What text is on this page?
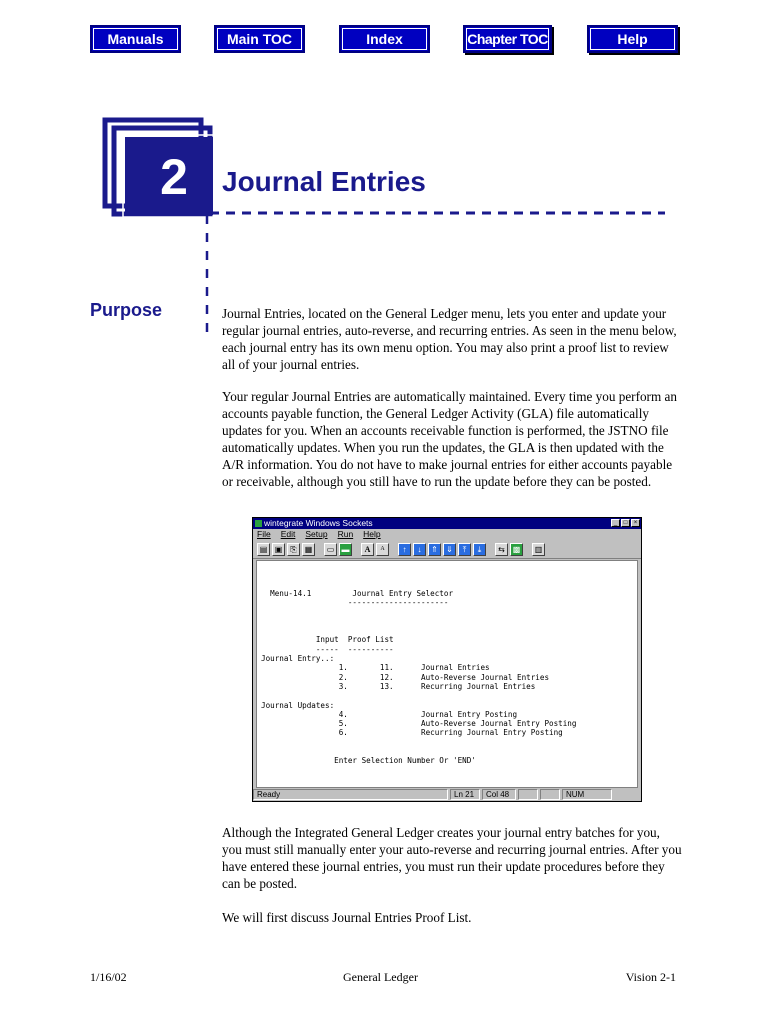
Manuals	Main TOC	Index	Chapter TOC	Help
2	Journal Entries
Purpose	Journal Entries, located on the General Ledger menu, lets you enter and update your regular journal entries, auto-reverse, and recurring entries. As seen in the menu below, each journal entry has its own menu option. You may also print a proof list to review all of your journal entries.

Your regular Journal Entries are automatically maintained. Every time you perform an accounts payable function, the General Ledger Activity (GLA) file automatically updates for you. When an accounts receivable function is performed, the JSTNO file automatically updates. When you run the updates, the GLA is then updated with the A/R information. You do not have to make journal entries for either accounts payable or receivable, although you still have to run the update before they can be posted.

wintegrate Windows Sockets	_	□	×
File Edit Setup Run Help
▤ ▣	⎘	▦	▭ ▬	A	A	↑	↓	⇑	⇓	⤒	⤓	⇆ ▩	▥
Menu-14.1         Journal Entry Selector
----------------------

Input  Proof List
-----  ----------
Journal Entry..:
1.       11.      Journal Entries
2.       12.      Auto-Reverse Journal Entries
3.       13.      Recurring Journal Entries

Journal Updates:
4.                Journal Entry Posting
5.                Auto-Reverse Journal Entry Posting
6.                Recurring Journal Entry Posting

Enter Selection Number Or 'END'
Ready	Ln 21	Col 48	NUM

Although the Integrated General Ledger creates your journal entry batches for you, you must still manually enter your auto-reverse and recurring journal entries. After you have entered these journal entries, you must run their update procedures before they can be posted.

We will first discuss Journal Entries Proof List.

1/16/02	General Ledger	Vision 2-1
